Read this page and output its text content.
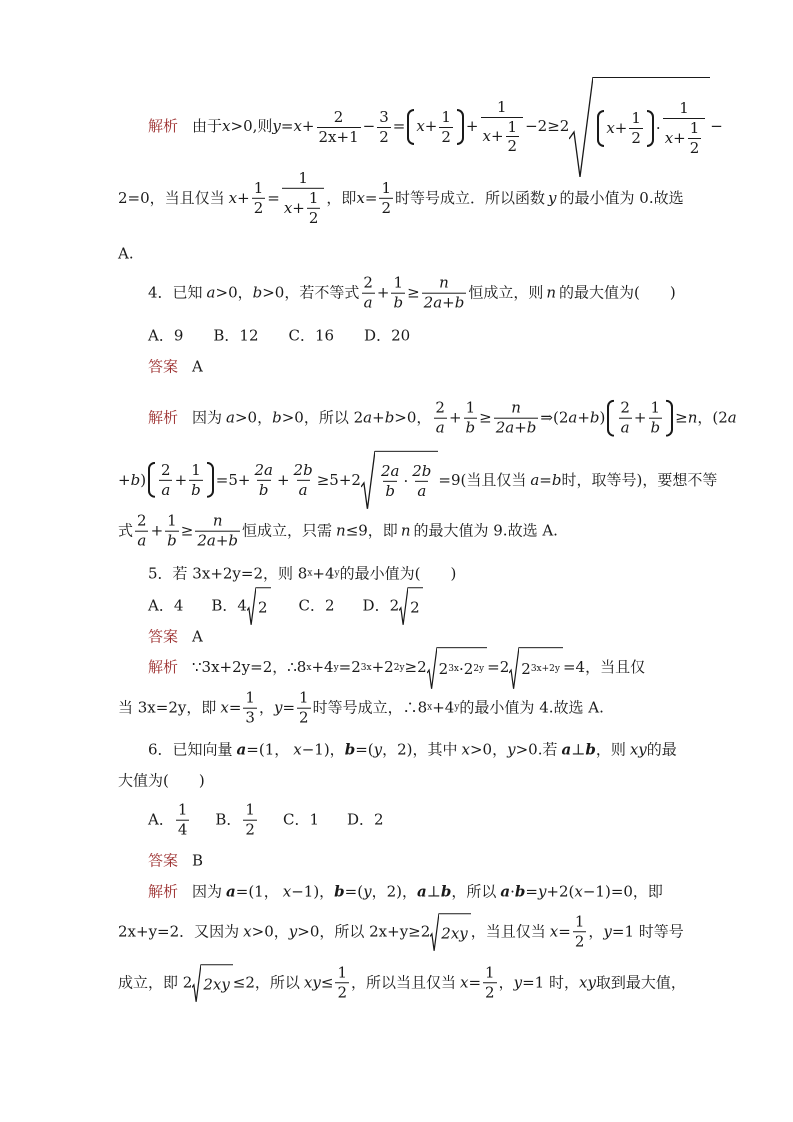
解析 由于 x >0,则 $y = x + \frac{2}{2x+1} - \frac{3}{2} = x + \frac{1}{2} + \frac{1}{x + \frac{1}{2}} -2\ge 2$ $x + \frac{1}{2} \cdot \frac{1}{x + \frac{1}{2}}$ −
2=0，当且仅当 $x + \frac{1}{2} = \frac{1}{x + \frac{1}{2}}$ ，即 $x = \frac{1}{2}$ 时等号成立．所以函数 y 的最小值为 0.故选
A.
4．已知 a >0， b >0，若不等式 $\frac{2}{a} + \frac{1}{b} \ge \frac{n}{2a+b}$ 恒成立，则 n 的最大值为(　　)
A．9　　B．12　　C．16　　D．20
答案 A
解析 因为 a >0， b >0，所以 2 a + b >0， $\frac{2}{a} + \frac{1}{b} \ge \frac{n}{2a+b}$ ⇒(2 a + b ) $\frac{2}{a} + \frac{1}{b} \ge n$ ，(2 a
+ b ) $\frac{2}{a} + \frac{1}{b} =5+ \frac{2a}{b} + \frac{2b}{a} \ge 5+2 \frac{2a}{b} \cdot \frac{2b}{a} =9$(当且仅当 a = b 时，取等号)，要想不等
式 $\frac{2}{a} + \frac{1}{b} \ge \frac{n}{2a+b}$ 恒成立，只需 n ≤9，即 n 的最大值为 9.故选 A.
5．若 3x+2y=2，则 8 x +4 y 的最小值为(　　)
A．4 B．4 2 C．2 D．2 2
答案 A
解析 ∵3x+2y=2，∴8 x +4 y =2 3x +2 2y ≥2 2 3x ·2 2y =2 2 3x+2y =4，当且仅
当 3x=2y，即 $x = \frac{1}{3}$ ， $y = \frac{1}{2}$ 时等号成立，∴8 x +4 y 的最小值为 4.故选 A.
6．已知向量 a =(1， x −1)， b =( y ，2)，其中 x >0， y >0.若 a ⊥ b ，则 xy 的最
大值为(　　)
A． $\frac{1}{4}$ B． $\frac{1}{2}$ C．1 D．2
答案 B
解析 因为 a =(1， x −1)， b =( y ，2)， a ⊥ b ，所以 a · b = y +2( x −1)=0，即
2x+y=2．又因为 x >0， y >0，所以 2x+y≥2 2xy ，当且仅当 $x = \frac{1}{2}$ ， y =1 时等号
成立，即 2 2xy ≤2，所以 xy ≤ $\frac{1}{2}$ ，所以当且仅当 $x = \frac{1}{2}$ ， y =1 时， xy 取到最大值，
